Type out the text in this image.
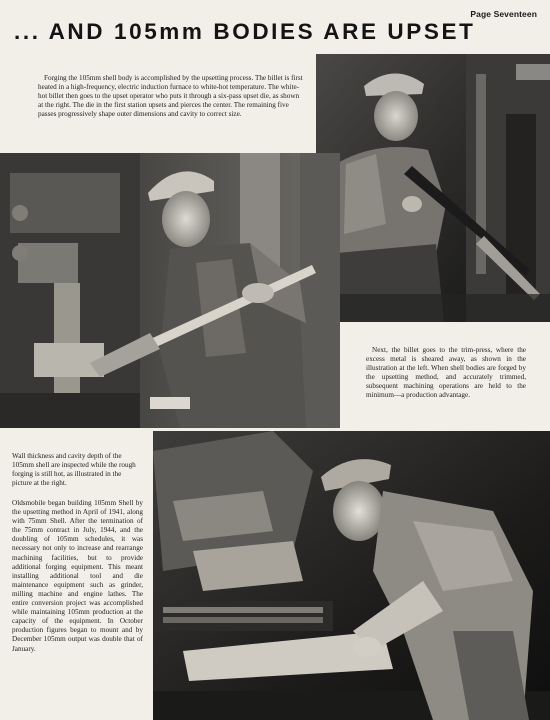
Page Seventeen
... AND 105mm BODIES ARE UPSET

Forging the 105mm shell body is accomplished by the upsetting process. The billet is first heated in a high-frequency, electric induction furnace to white-hot temperature. The white-hot billet then goes to the upset operator who puts it through a six-pass upset die, as shown at the right. The die in the first station upsets and pierces the center. The remaining five passes progressively shape outer dimensions and cavity to correct size.

Next, the billet goes to the trim-press, where the excess metal is sheared away, as shown in the illustration at the left. When shell bodies are forged by the upsetting method, and accurately trimmed, subsequent machining operations are held to the minimum—a production advantage.

Wall thickness and cavity depth of the 105mm shell are inspected while the rough forging is still hot, as illustrated in the picture at the right.

Oldsmobile began building 105mm Shell by the upsetting method in April of 1941, along with 75mm Shell. After the termination of the 75mm contract in July, 1944, and the doubling of 105mm schedules, it was necessary not only to increase and rearrange machining facilities, but to provide additional forging equipment. This meant installing additional tool and die maintenance equipment such as grinder, milling machine and engine lathes. The entire conversion project was accomplished while maintaining 105mm production at the capacity of the equipment. In October production figures began to mount and by December 105mm output was double that of January.
